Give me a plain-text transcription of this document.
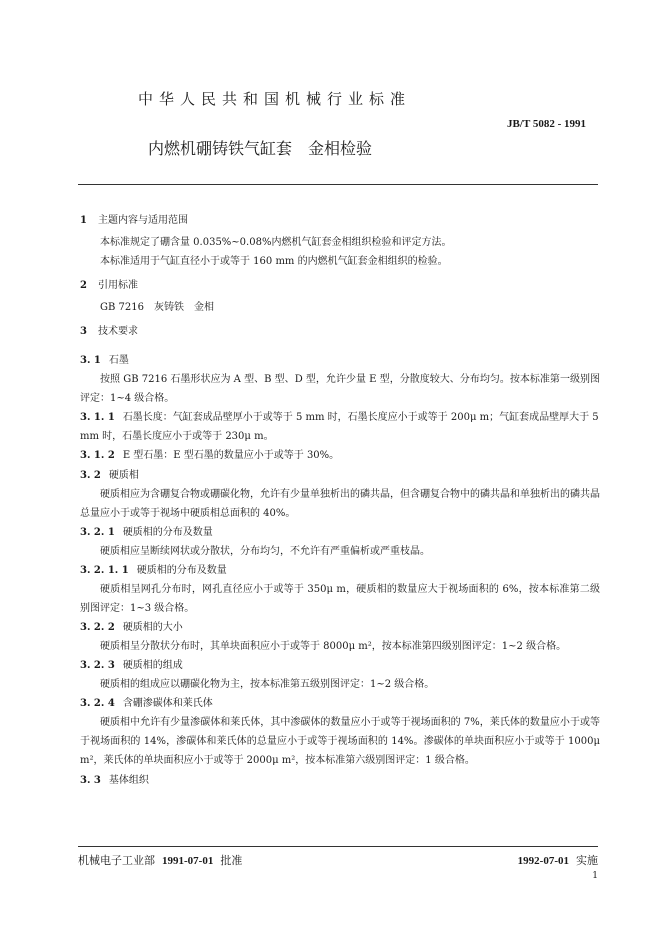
中华人民共和国机械行业标准
JB/T 5082 - 1991
内燃机硼铸铁气缸套　金相检验
1 主题内容与适用范围
本标准规定了硼含量 0.035%~0.08%内燃机气缸套金相组织检验和评定方法。
本标准适用于气缸直径小于或等于 160 mm 的内燃机气缸套金相组织的检验。
2 引用标准
GB 7216　灰铸铁　金相
3 技术要求
3. 1 石墨
按照 GB 7216 石墨形状应为 A 型、B 型、D 型，允许少量 E 型，分散度较大、分布均匀。按本标准第一级别图评定：1~4 级合格。
3. 1. 1 石墨长度：气缸套成品壁厚小于或等于 5 mm 时，石墨长度应小于或等于 200μ m；气缸套成品壁厚大于 5 mm 时，石墨长度应小于或等于 230μ m。
3. 1. 2 E 型石墨：E 型石墨的数量应小于或等于 30%。
3. 2 硬质相
硬质相应为含硼复合物或硼碳化物，允许有少量单独析出的磷共晶，但含硼复合物中的磷共晶和单独析出的磷共晶总量应小于或等于视场中硬质相总面积的 40%。
3. 2. 1 硬质相的分布及数量
硬质相应呈断续网状或分散状，分布均匀，不允许有严重偏析或严重枝晶。
3. 2. 1. 1 硬质相的分布及数量
硬质相呈网孔分布时，网孔直径应小于或等于 350μ m，硬质相的数量应大于视场面积的 6%，按本标准第二级别图评定：1~3 级合格。
3. 2. 2 硬质相的大小
硬质相呈分散状分布时，其单块面积应小于或等于 8000μ m²，按本标准第四级别图评定：1~2 级合格。
3. 2. 3 硬质相的组成
硬质相的组成应以硼碳化物为主，按本标准第五级别图评定：1~2 级合格。
3. 2. 4 含硼渗碳体和莱氏体
硬质相中允许有少量渗碳体和莱氏体，其中渗碳体的数量应小于或等于视场面积的 7%，莱氏体的数量应小于或等于视场面积的 14%，渗碳体和莱氏体的总量应小于或等于视场面积的 14%。渗碳体的单块面积应小于或等于 1000μ m²，莱氏体的单块面积应小于或等于 2000μ m²，按本标准第六级别图评定：1 级合格。
3. 3 基体组织
机械电子工业部 1991-07-01 批准	1992-07-01 实施
1
